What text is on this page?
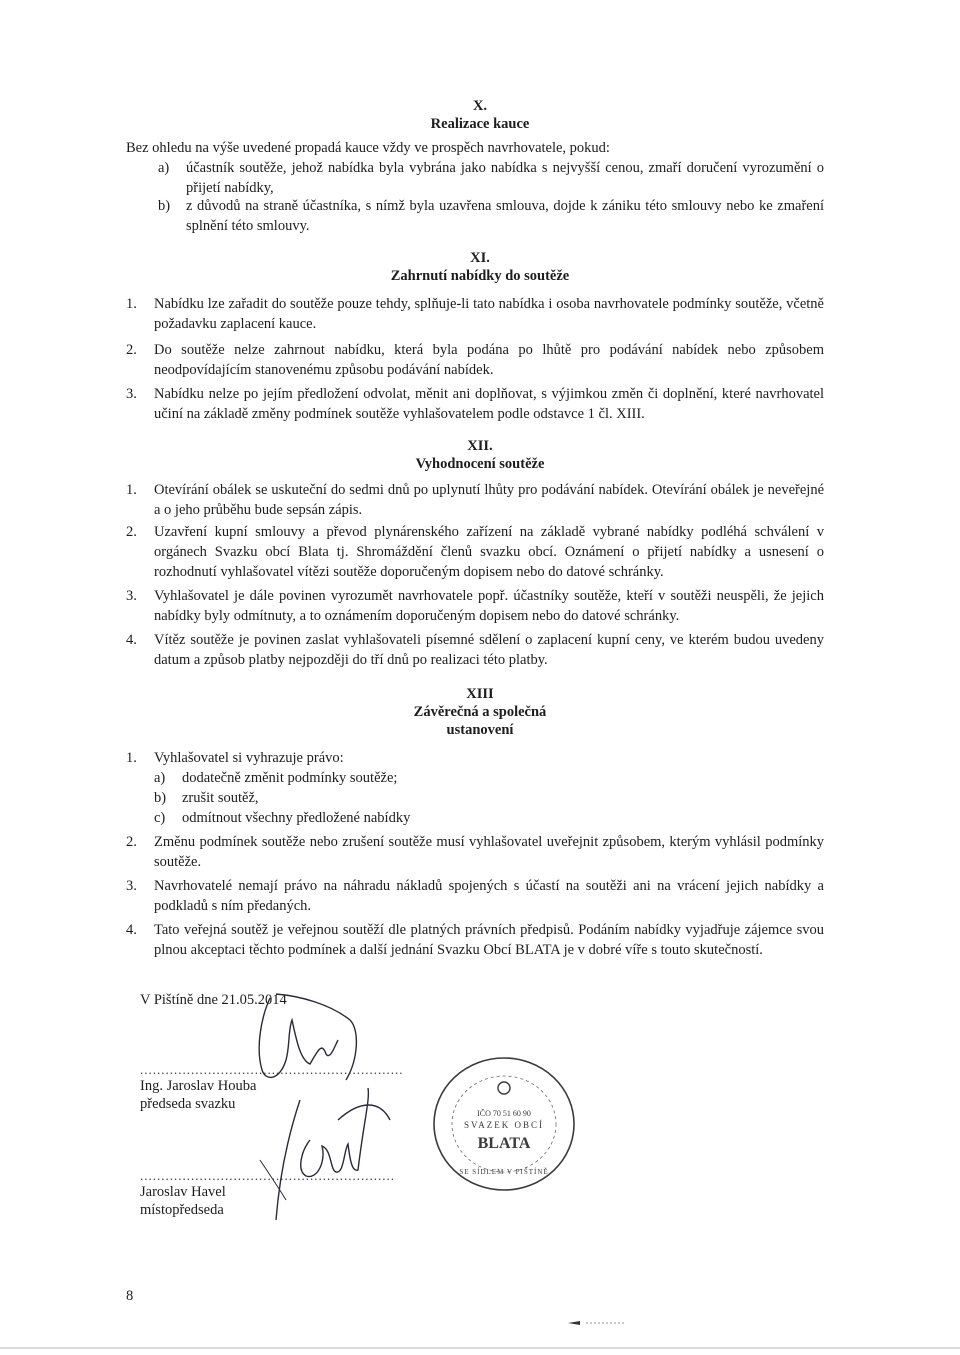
X.
Realizace kauce
Bez ohledu na výše uvedené propadá kauce vždy ve prospěch navrhovatele, pokud:
a) účastník soutěže, jehož nabídka byla vybrána jako nabídka s nejvyšší cenou, zmaří doručení vyrozumění o přijetí nabídky,
b) z důvodů na straně účastníka, s nímž byla uzavřena smlouva, dojde k zániku této smlouvy nebo ke zmaření splnění této smlouvy.
XI.
Zahrnutí nabídky do soutěže
1. Nabídku lze zařadit do soutěže pouze tehdy, splňuje-li tato nabídka i osoba navrhovatele podmínky soutěže, včetně požadavku zaplacení kauce.
2. Do soutěže nelze zahrnout nabídku, která byla podána po lhůtě pro podávání nabídek nebo způsobem neodpovídajícím stanovenému způsobu podávání nabídek.
3. Nabídku nelze po jejím předložení odvolat, měnit ani doplňovat, s výjimkou změn či doplnění, které navrhovatel učiní na základě změny podmínek soutěže vyhlašovatelem podle odstavce 1 čl. XIII.
XII.
Vyhodnocení soutěže
1. Otevírání obálek se uskuteční do sedmi dnů po uplynutí lhůty pro podávání nabídek. Otevírání obálek je neveřejné a o jeho průběhu bude sepsán zápis.
2. Uzavření kupní smlouvy a převod plynárenského zařízení na základě vybrané nabídky podléhá schválení v orgánech Svazku obcí Blata tj. Shromáždění členů svazku obcí. Oznámení o přijetí nabídky a usnesení o rozhodnutí vyhlašovatel vítězi soutěže doporučeným dopisem nebo do datové schránky.
3. Vyhlašovatel je dále povinen vyrozumět navrhovatele popř. účastníky soutěže, kteří v soutěži neuspěli, že jejich nabídky byly odmítnuty, a to oznámením doporučeným dopisem nebo do datové schránky.
4. Vítěz soutěže je povinen zaslat vyhlašovateli písemné sdělení o zaplacení kupní ceny, ve kterém budou uvedeny datum a způsob platby nejpozději do tří dnů po realizaci této platby.
XIII
Závěrečná a společná
ustanovení
1. Vyhlašovatel si vyhrazuje právo:
a) dodatečně změnit podmínky soutěže;
b) zrušit soutěž,
c) odmítnout všechny předložené nabídky
2. Změnu podmínek soutěže nebo zrušení soutěže musí vyhlašovatel uveřejnit způsobem, kterým vyhlásil podmínky soutěže.
3. Navrhovatelé nemají právo na náhradu nákladů spojených s účastí na soutěži ani na vrácení jejich nabídky a podkladů s ním předaných.
4. Tato veřejná soutěž je veřejnou soutěží dle platných právních předpisů. Podáním nabídky vyjadřuje zájemce svou plnou akceptaci těchto podmínek a další jednání Svazku Obcí BLATA je v dobré víře s touto skutečností.
V Pištíně dne 21.05.2014
..............................................................
Ing. Jaroslav Houba
předseda svazku
............................................................
Jaroslav Havel
místopředseda
IČO 70 51 60 90
SVAZEK OBCÍ
BLATA
SE SÍDLEM V PIŠTÍNĚ
8
